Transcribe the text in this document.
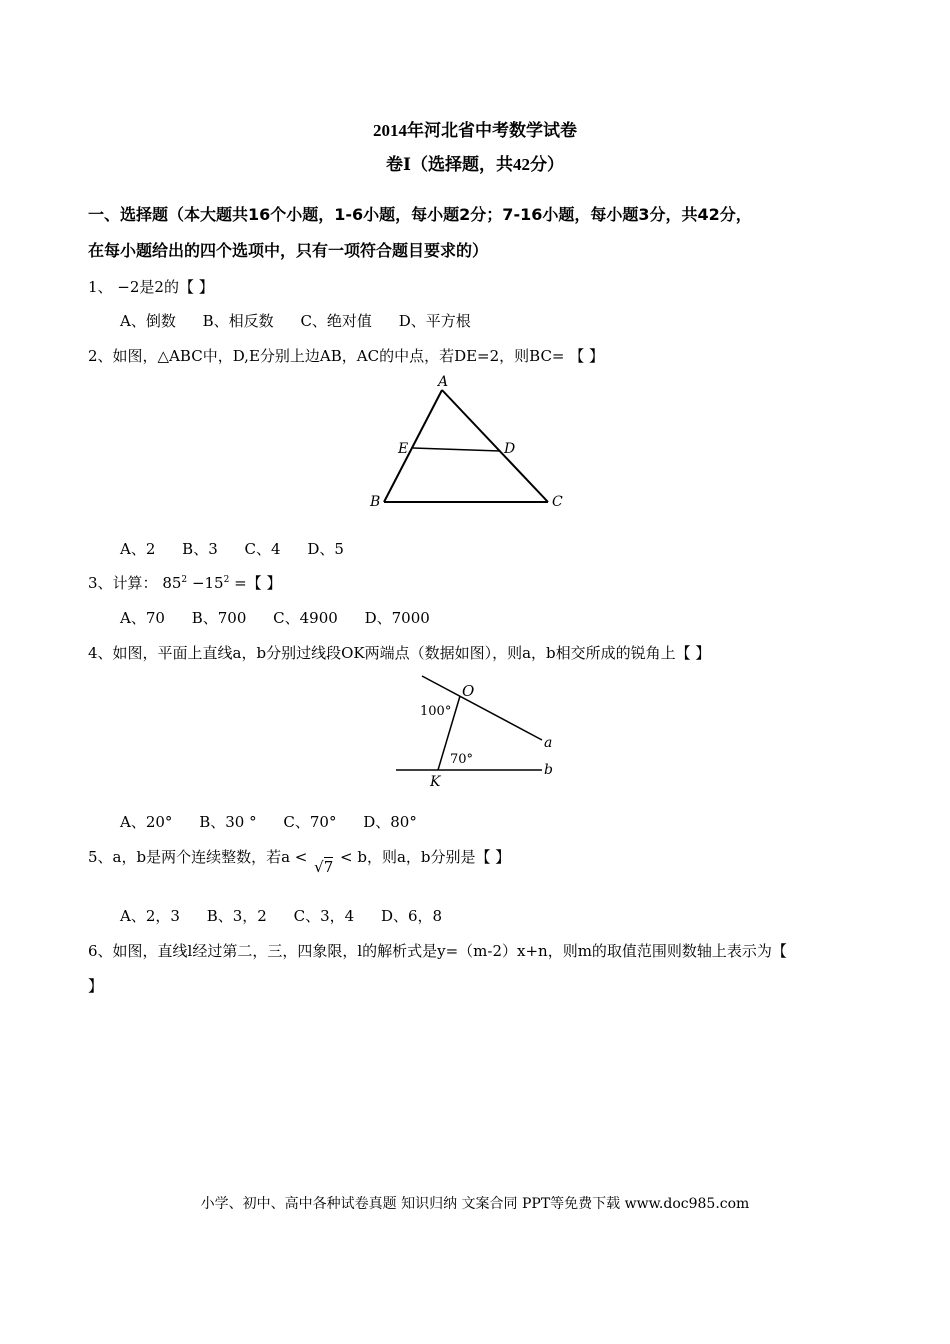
2014年河北省中考数学试卷
卷Ⅰ（选择题，共42分）
一、选择题（本大题共16个小题，1-6小题，每小题2分；7-16小题，每小题3分，共42分，
在每小题给出的四个选项中，只有一项符合题目要求的）
1、 −2是2的【 】
A、倒数 B、相反数 C、绝对值 D、平方根
2、如图，△ABC中，D,E分别上边AB，AC的中点，若DE=2，则BC= 【 】
A
B	C
D
E
A、2 B、3 C、4 D、5
3、计算： $85^2 -15^2$ =【 】
A、70 B、700 C、4900 D、7000
4、如图，平面上直线a，b分别过线段OK两端点（数据如图），则a，b相交所成的锐角上【 】
O
K
a
b
100°
70°
A、20° B、30 ° C、70° D、80°
5、a，b是两个连续整数，若a < √7 < b，则a，b分别是【 】
A、2，3 B、3，2 C、3，4 D、6，8
6、如图，直线l经过第二，三，四象限，l的解析式是y=（m-2）x+n，则m的取值范围则数轴上表示为【
】
小学、初中、高中各种试卷真题 知识归纳 文案合同 PPT等免费下载 www.doc985.com
